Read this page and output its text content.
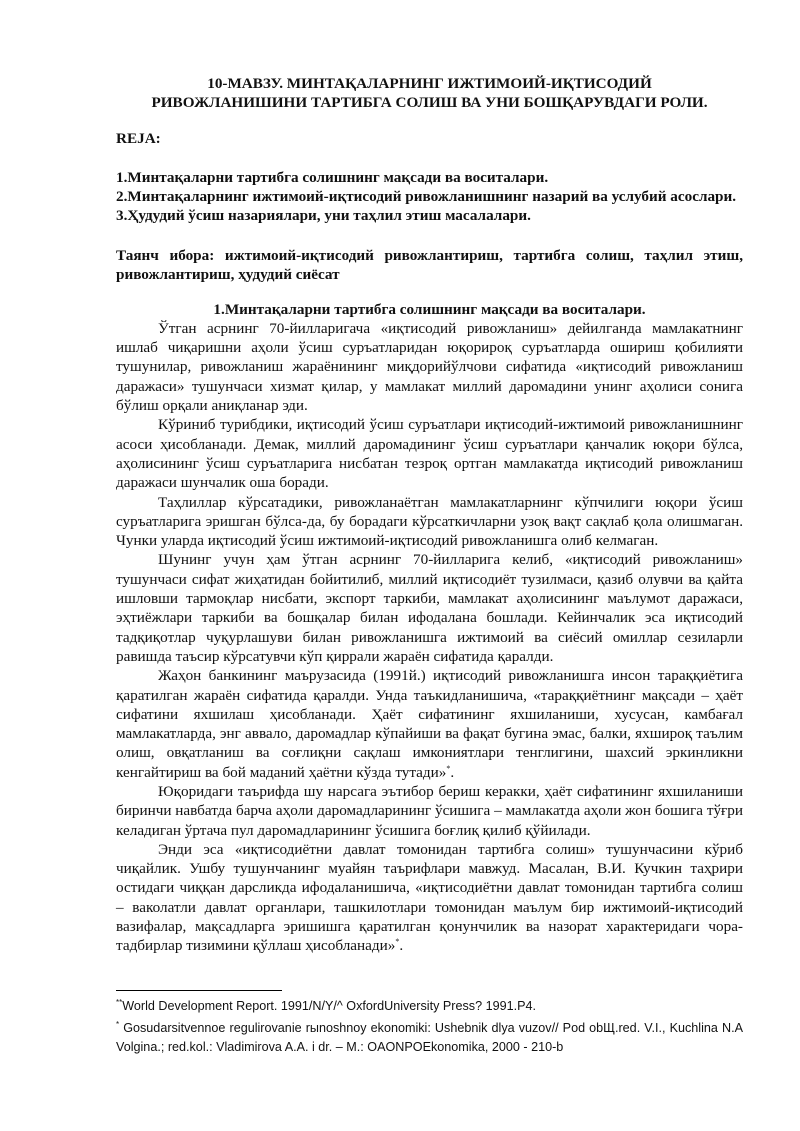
10-МАВЗУ. МИНТАҚАЛАРНИНГ ИЖТИМОИЙ-ИҚТИСОДИЙ
РИВОЖЛАНИШИНИ ТАРТИБГА СОЛИШ ВА УНИ БОШҚАРУВДАГИ РОЛИ.

REJA:

1.Минтақаларни тартибга солишнинг мақсади ва воситалари.
2.Минтақаларнинг ижтимоий-иқтисодий ривожланишнинг назарий ва услубий асослари.
3.Ҳудудий ўсиш назариялари, уни таҳлил этиш масалалари.

Таянч ибора: ижтимоий-иқтисодий ривожлантириш, тартибга солиш, таҳлил этиш, ривожлантириш, ҳудудий сиёсат

1.Минтақаларни тартибга солишнинг мақсади ва воситалари.

Ўтган асрнинг 70-йилларигача «иқтисодий ривожланиш» дейилганда мамлакатнинг ишлаб чиқаришни аҳоли ўсиш суръатларидан юқорироқ суръатларда ошириш қобилияти тушунилар, ривожланиш жараёнининг миқдорийўлчови сифатида «иқтисодий ривожланиш даражаси» тушунчаси хизмат қилар, у мамлакат миллий даромадини унинг аҳолиси сонига бўлиш орқали аниқланар эди.

Кўриниб турибдики, иқтисодий ўсиш суръатлари иқтисодий-ижтимоий ривожланишнинг асоси ҳисобланади. Демак, миллий даромадининг ўсиш суръатлари қанчалик юқори бўлса, аҳолисининг ўсиш суръатларига нисбатан тезроқ ортган мамлакатда иқтисодий ривожланиш даражаси шунчалик оша боради.

Таҳлиллар кўрсатадики, ривожланаётган мамлакатларнинг кўпчилиги юқори ўсиш суръатларига эришган бўлса-да, бу борадаги кўрсаткичларни узоқ вақт сақлаб қола олишмаган. Чунки уларда иқтисодий ўсиш ижтимоий-иқтисодий ривожланишга олиб келмаган.

Шунинг учун ҳам ўтган асрнинг 70-йилларига келиб, «иқтисодий ривожланиш» тушунчаси сифат жиҳатидан бойитилиб, миллий иқтисодиёт тузилмаси, қазиб олувчи ва қайта ишловши тармоқлар нисбати, экспорт таркиби, мамлакат аҳолисининг маълумот даражаси, эҳтиёжлари таркиби ва бошқалар билан ифодалана бошлади. Кейинчалик эса иқтисодий тадқиқотлар чуқурлашуви билан ривожланишга ижтимоий ва сиёсий омиллар сезиларли равишда таъсир кўрсатувчи кўп қиррали жараён сифатида қаралди.

Жаҳон банкининг маърузасида (1991й.) иқтисодий ривожланишга инсон тараққиётига қаратилган жараён сифатида қаралди. Унда таъкидланишича, «тараққиётнинг мақсади – ҳаёт сифатини яхшилаш ҳисобланади. Ҳаёт сифатининг яхшиланиши, хусусан, камбағал мамлакатларда, энг аввало, даромадлар кўпайиши ва фақат бугина эмас, балки, яхшироқ таълим олиш, овқатланиш ва соғлиқни сақлаш имкониятлари тенглигини, шахсий эркинликни кенгайтириш ва бой маданий ҳаётни кўзда тутади»*.

Юқоридаги таърифда шу нарсага эътибор бериш керакки, ҳаёт сифатининг яхшиланиши биринчи навбатда барча аҳоли даромадларининг ўсишига – мамлакатда аҳоли жон бошига тўғри келадиган ўртача пул даромадларининг ўсишига боғлиқ қилиб қўйилади.

Энди эса «иқтисодиётни давлат томонидан тартибга солиш» тушунчасини кўриб чиқайлик. Ушбу тушунчанинг муайян таърифлари мавжуд. Масалан, В.И. Кучкин таҳрири остидаги чиққан дарсликда ифодаланишича, «иқтисодиётни давлат томонидан тартибга солиш – ваколатли давлат органлари, ташкилотлари томонидан маълум бир ижтимоий-иқтисодий вазифалар, мақсадларга эришишга қаратилган қонунчилик ва назорат характеридаги чора-тадбирлар тизимини қўллаш ҳисобланади»*.

**World Development Report. 1991/N/Y/^ OxfordUniversity Press? 1991.P4.

* Gosudarsitvennoe regulirovanie rыnoshnoy ekonomiki: Ushebnik dlya vuzov// Pod obЩ.red. V.I., Kuchlina N.A Volgina.; red.kol.: Vladimirova A.A. i dr. – M.: OAONPOEkonomika, 2000 - 210-b
